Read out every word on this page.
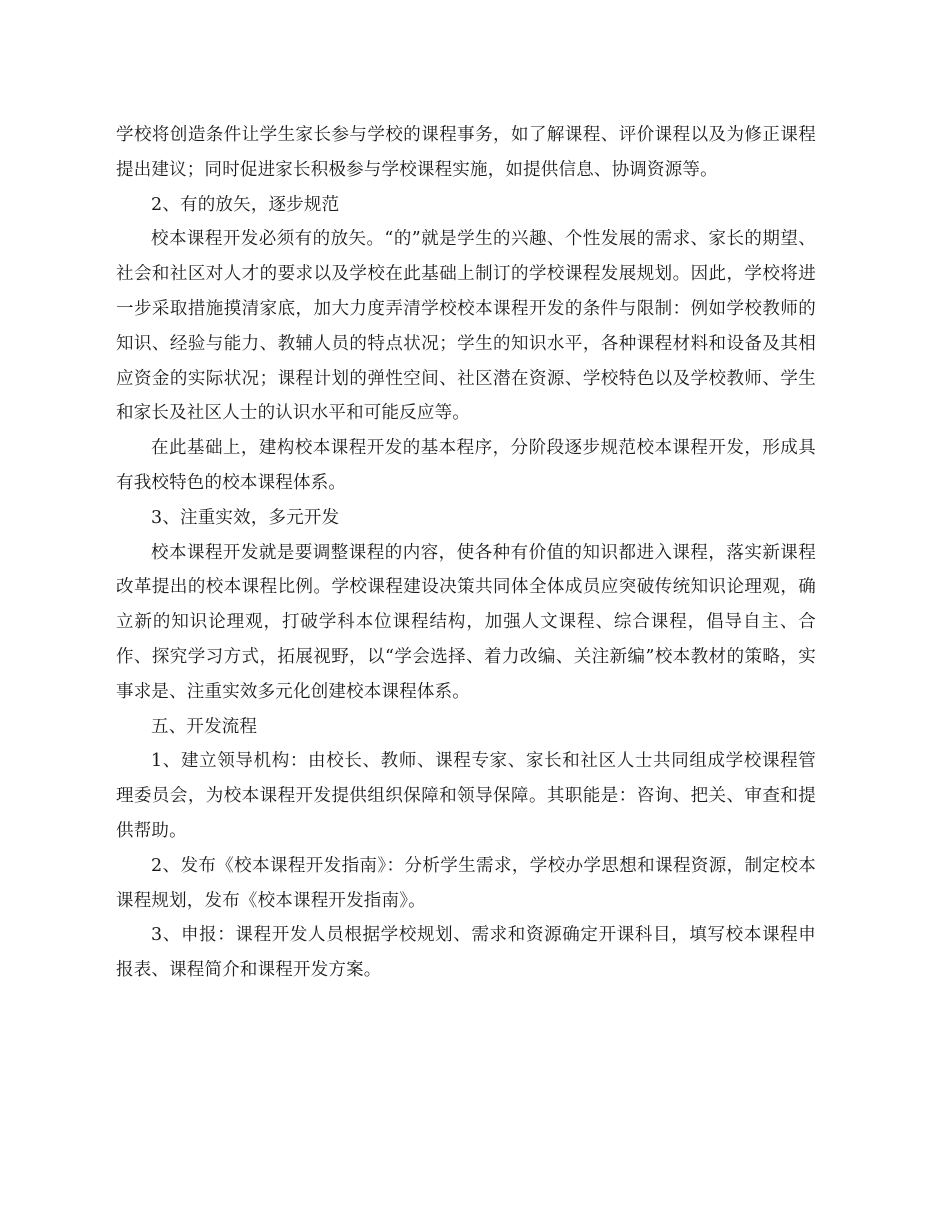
学校将创造条件让学生家长参与学校的课程事务，如了解课程、评价课程以及为修正课程提出建议；同时促进家长积极参与学校课程实施，如提供信息、协调资源等。

2、有的放矢，逐步规范

校本课程开发必须有的放矢。“的”就是学生的兴趣、个性发展的需求、家长的期望、社会和社区对人才的要求以及学校在此基础上制订的学校课程发展规划。因此，学校将进一步采取措施摸清家底，加大力度弄清学校校本课程开发的条件与限制：例如学校教师的知识、经验与能力、教辅人员的特点状况；学生的知识水平，各种课程材料和设备及其相应资金的实际状况；课程计划的弹性空间、社区潜在资源、学校特色以及学校教师、学生和家长及社区人士的认识水平和可能反应等。

在此基础上，建构校本课程开发的基本程序，分阶段逐步规范校本课程开发，形成具有我校特色的校本课程体系。

3、注重实效，多元开发

校本课程开发就是要调整课程的内容，使各种有价值的知识都进入课程，落实新课程改革提出的校本课程比例。学校课程建设决策共同体全体成员应突破传统知识论理观，确立新的知识论理观，打破学科本位课程结构，加强人文课程、综合课程，倡导自主、合作、探究学习方式，拓展视野，以“学会选择、着力改编、关注新编”校本教材的策略，实事求是、注重实效多元化创建校本课程体系。

五、开发流程

1、建立领导机构：由校长、教师、课程专家、家长和社区人士共同组成学校课程管理委员会，为校本课程开发提供组织保障和领导保障。其职能是：咨询、把关、审查和提供帮助。

2、发布《校本课程开发指南》：分析学生需求，学校办学思想和课程资源，制定校本课程规划，发布《校本课程开发指南》。

3、申报：课程开发人员根据学校规划、需求和资源确定开课科目，填写校本课程申报表、课程简介和课程开发方案。
